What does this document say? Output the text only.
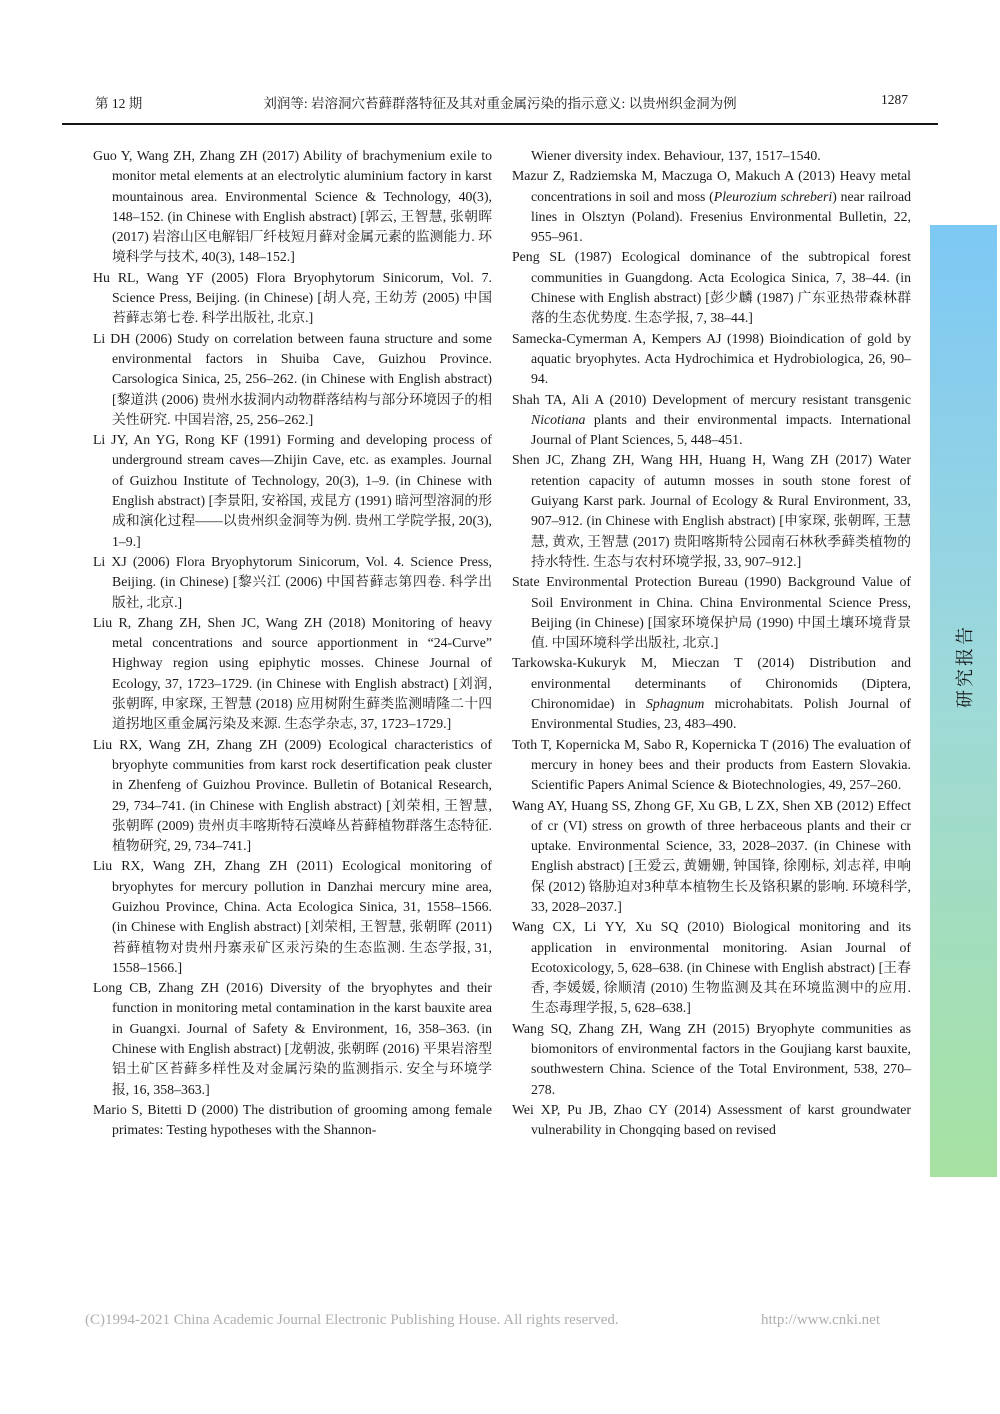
第 12 期	刘润等: 岩溶洞穴苔藓群落特征及其对重金属污染的指示意义: 以贵州织金洞为例	1287

Guo Y, Wang ZH, Zhang ZH (2017) Ability of brachymenium exile to monitor metal elements at an electrolytic aluminium factory in karst mountainous area. Environmental Science & Technology, 40(3), 148–152. (in Chinese with English abstract) [郭云, 王智慧, 张朝晖 (2017) 岩溶山区电解铝厂纤枝短月藓对金属元素的监测能力. 环境科学与技术, 40(3), 148–152.]

Hu RL, Wang YF (2005) Flora Bryophytorum Sinicorum, Vol. 7. Science Press, Beijing. (in Chinese) [胡人亮, 王幼芳 (2005) 中国苔藓志第七卷. 科学出版社, 北京.]

Li DH (2006) Study on correlation between fauna structure and some environmental factors in Shuiba Cave, Guizhou Province. Carsologica Sinica, 25, 256–262. (in Chinese with English abstract) [黎道洪 (2006) 贵州水拔洞内动物群落结构与部分环境因子的相关性研究. 中国岩溶, 25, 256–262.]

Li JY, An YG, Rong KF (1991) Forming and developing process of underground stream caves—Zhijin Cave, etc. as examples. Journal of Guizhou Institute of Technology, 20(3), 1–9. (in Chinese with English abstract) [李景阳, 安裕国, 戎昆方 (1991) 暗河型溶洞的形成和演化过程——以贵州织金洞等为例. 贵州工学院学报, 20(3), 1–9.]

Li XJ (2006) Flora Bryophytorum Sinicorum, Vol. 4. Science Press, Beijing. (in Chinese) [黎兴江 (2006) 中国苔藓志第四卷. 科学出版社, 北京.]

Liu R, Zhang ZH, Shen JC, Wang ZH (2018) Monitoring of heavy metal concentrations and source apportionment in “24-Curve” Highway region using epiphytic mosses. Chinese Journal of Ecology, 37, 1723–1729. (in Chinese with English abstract) [刘润, 张朝晖, 申家琛, 王智慧 (2018) 应用树附生藓类监测晴隆二十四道拐地区重金属污染及来源. 生态学杂志, 37, 1723–1729.]

Liu RX, Wang ZH, Zhang ZH (2009) Ecological characteristics of bryophyte communities from karst rock desertification peak cluster in Zhenfeng of Guizhou Province. Bulletin of Botanical Research, 29, 734–741. (in Chinese with English abstract) [刘荣相, 王智慧, 张朝晖 (2009) 贵州贞丰喀斯特石漠峰丛苔藓植物群落生态特征. 植物研究, 29, 734–741.]

Liu RX, Wang ZH, Zhang ZH (2011) Ecological monitoring of bryophytes for mercury pollution in Danzhai mercury mine area, Guizhou Province, China. Acta Ecologica Sinica, 31, 1558–1566. (in Chinese with English abstract) [刘荣相, 王智慧, 张朝晖 (2011) 苔藓植物对贵州丹寨汞矿区汞污染的生态监测. 生态学报, 31, 1558–1566.]

Long CB, Zhang ZH (2016) Diversity of the bryophytes and their function in monitoring metal contamination in the karst bauxite area in Guangxi. Journal of Safety & Environment, 16, 358–363. (in Chinese with English abstract) [龙朝波, 张朝晖 (2016) 平果岩溶型铝土矿区苔藓多样性及对金属污染的监测指示. 安全与环境学报, 16, 358–363.]

Mario S, Bitetti D (2000) The distribution of grooming among female primates: Testing hypotheses with the Shannon-

Wiener diversity index. Behaviour, 137, 1517–1540.

Mazur Z, Radziemska M, Maczuga O, Makuch A (2013) Heavy metal concentrations in soil and moss (Pleurozium schreberi) near railroad lines in Olsztyn (Poland). Fresenius Environmental Bulletin, 22, 955–961.

Peng SL (1987) Ecological dominance of the subtropical forest communities in Guangdong. Acta Ecologica Sinica, 7, 38–44. (in Chinese with English abstract) [彭少麟 (1987) 广东亚热带森林群落的生态优势度. 生态学报, 7, 38–44.]

Samecka-Cymerman A, Kempers AJ (1998) Bioindication of gold by aquatic bryophytes. Acta Hydrochimica et Hydrobiologica, 26, 90–94.

Shah TA, Ali A (2010) Development of mercury resistant transgenic Nicotiana plants and their environmental impacts. International Journal of Plant Sciences, 5, 448–451.

Shen JC, Zhang ZH, Wang HH, Huang H, Wang ZH (2017) Water retention capacity of autumn mosses in south stone forest of Guiyang Karst park. Journal of Ecology & Rural Environment, 33, 907–912. (in Chinese with English abstract) [申家琛, 张朝晖, 王慧慧, 黄欢, 王智慧 (2017) 贵阳喀斯特公园南石林秋季藓类植物的持水特性. 生态与农村环境学报, 33, 907–912.]

State Environmental Protection Bureau (1990) Background Value of Soil Environment in China. China Environmental Science Press, Beijing (in Chinese) [国家环境保护局 (1990) 中国土壤环境背景值. 中国环境科学出版社, 北京.]

Tarkowska-Kukuryk M, Mieczan T (2014) Distribution and environmental determinants of Chironomids (Diptera, Chironomidae) in Sphagnum microhabitats. Polish Journal of Environmental Studies, 23, 483–490.

Toth T, Kopernicka M, Sabo R, Kopernicka T (2016) The evaluation of mercury in honey bees and their products from Eastern Slovakia. Scientific Papers Animal Science & Biotechnologies, 49, 257–260.

Wang AY, Huang SS, Zhong GF, Xu GB, L ZX, Shen XB (2012) Effect of cr (VI) stress on growth of three herbaceous plants and their cr uptake. Environmental Science, 33, 2028–2037. (in Chinese with English abstract) [王爱云, 黄姗姗, 钟国锋, 徐刚标, 刘志祥, 申响保 (2012) 铬胁迫对3种草本植物生长及铬积累的影响. 环境科学, 33, 2028–2037.]

Wang CX, Li YY, Xu SQ (2010) Biological monitoring and its application in environmental monitoring. Asian Journal of Ecotoxicology, 5, 628–638. (in Chinese with English abstract) [王春香, 李媛媛, 徐顺清 (2010) 生物监测及其在环境监测中的应用. 生态毒理学报, 5, 628–638.]

Wang SQ, Zhang ZH, Wang ZH (2015) Bryophyte communities as biomonitors of environmental factors in the Goujiang karst bauxite, southwestern China. Science of the Total Environment, 538, 270–278.

Wei XP, Pu JB, Zhao CY (2014) Assessment of karst groundwater vulnerability in Chongqing based on revised

研究报告
(C)1994-2021 China Academic Journal Electronic Publishing House. All rights reserved.	http://www.cnki.net
